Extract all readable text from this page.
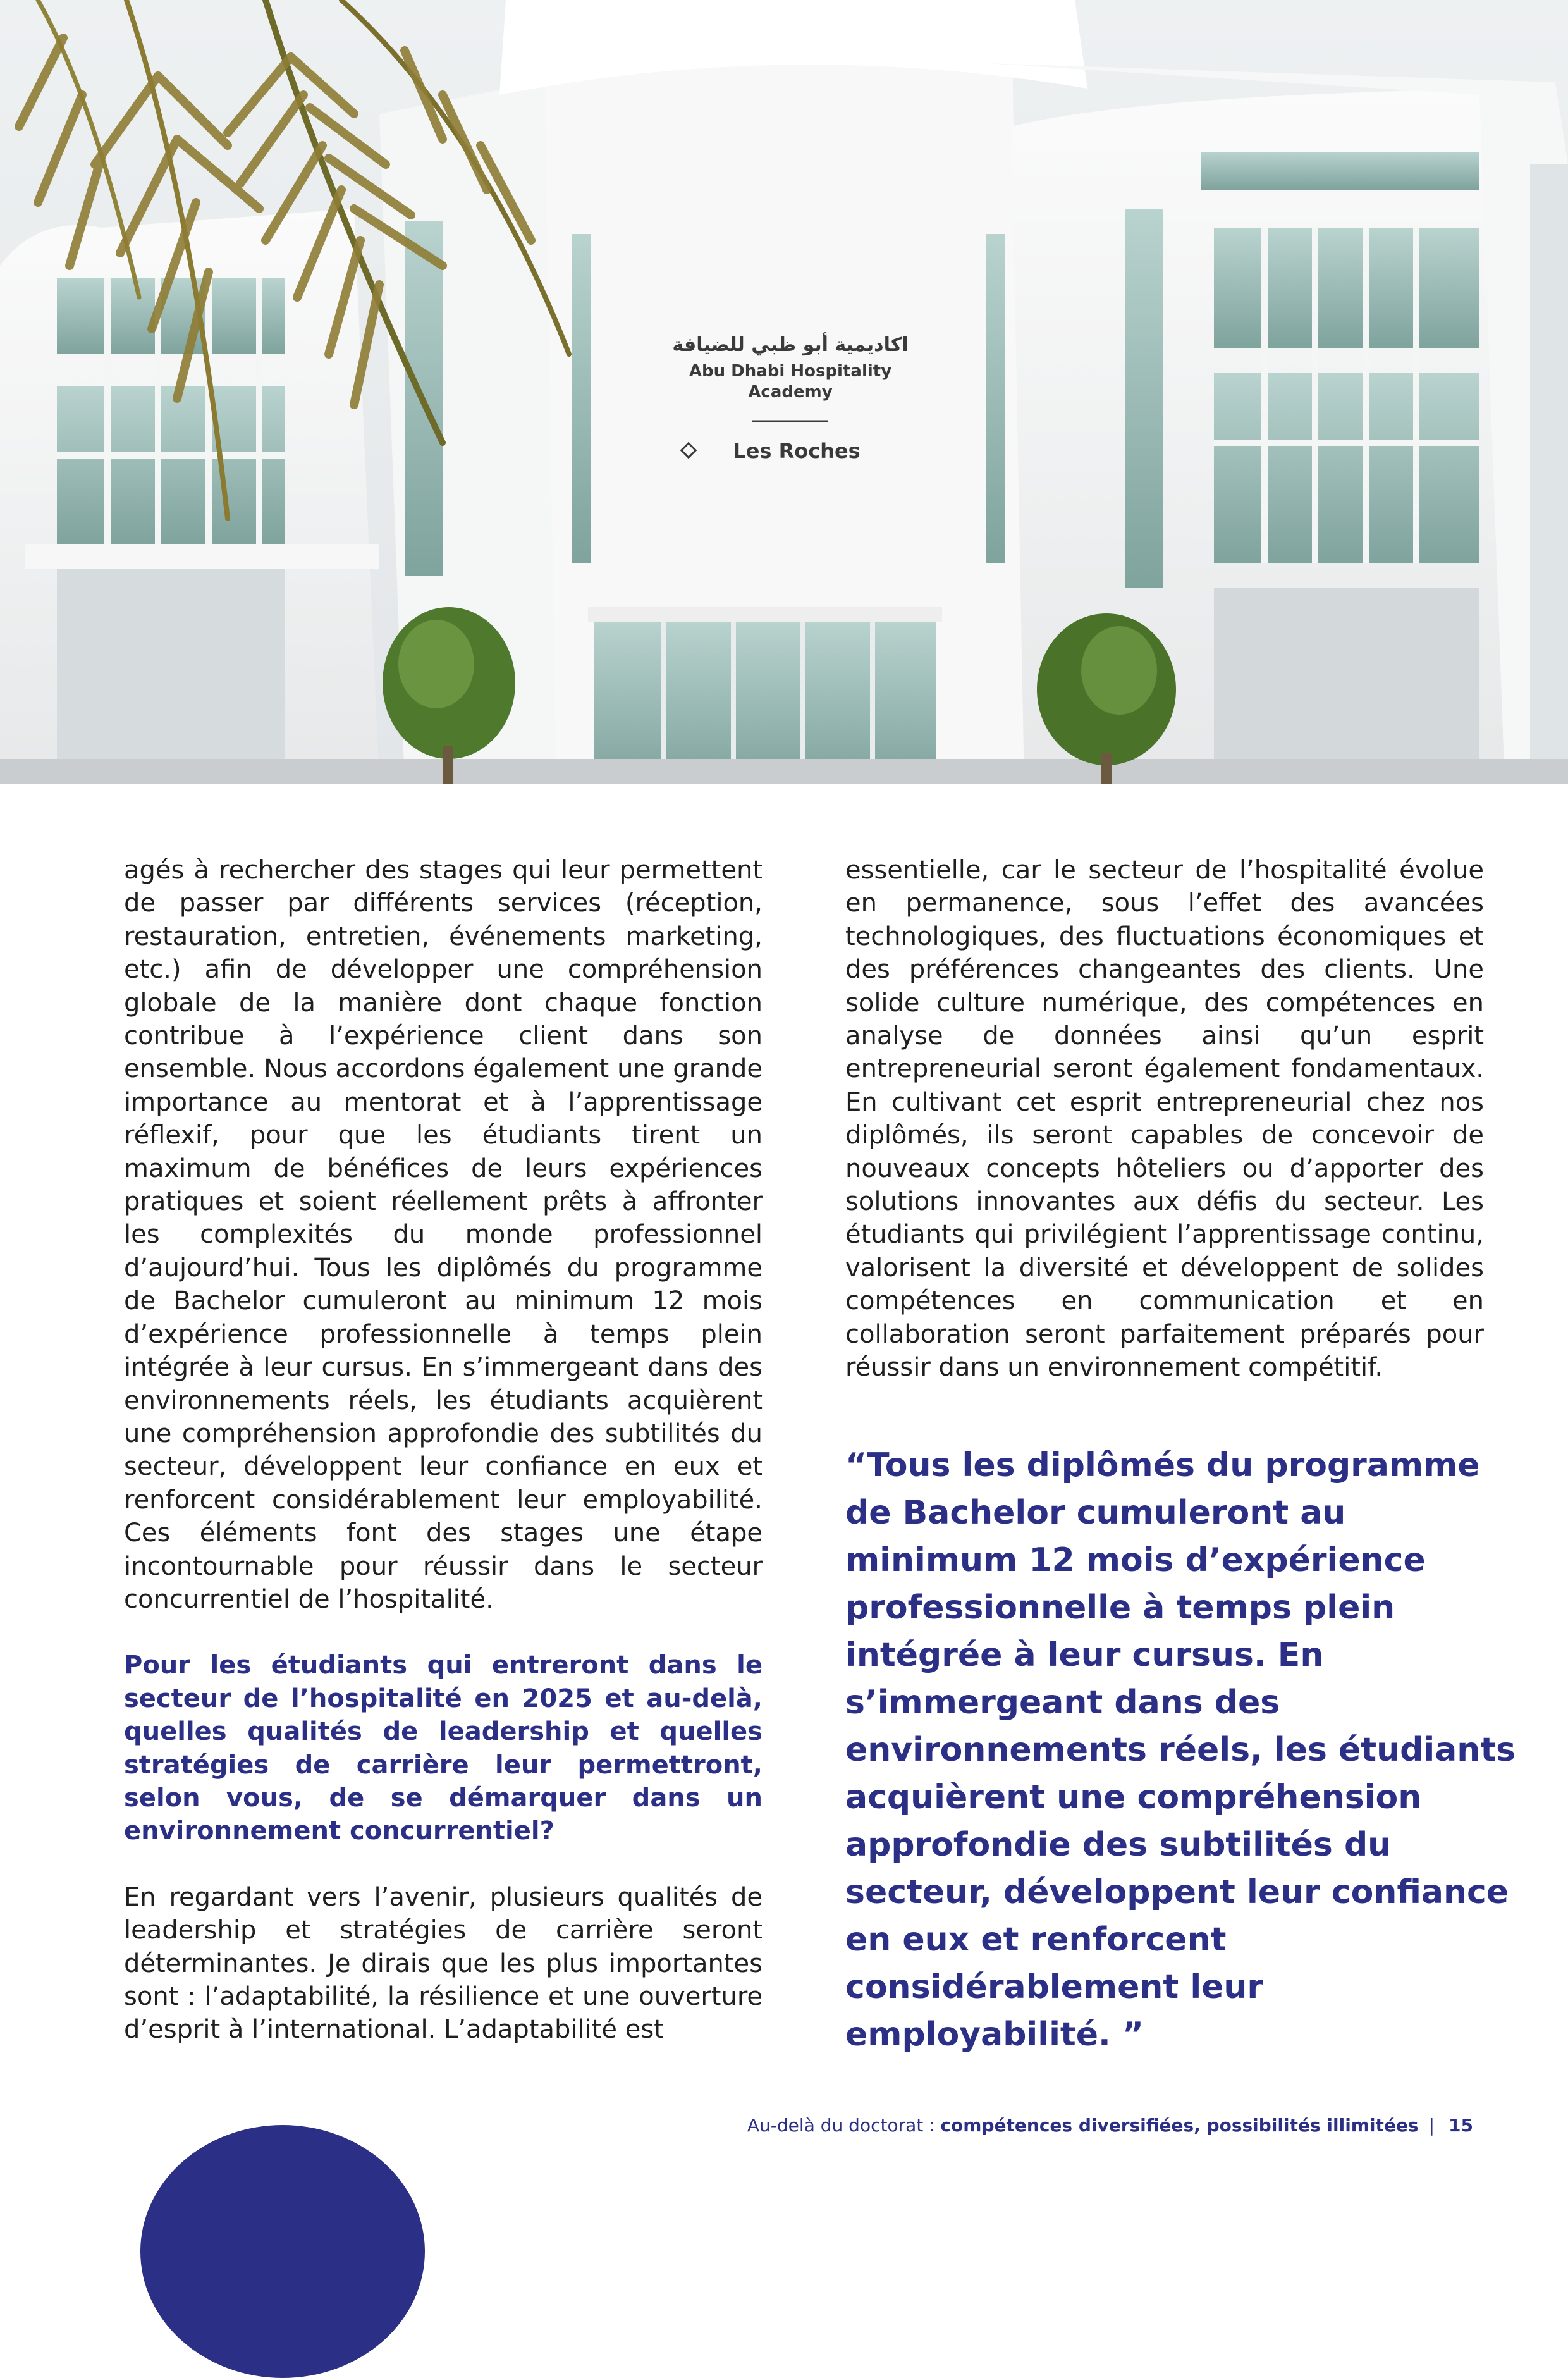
اكاديمية أبو ظبي للضيافة
Abu Dhabi Hospitality
Academy
Les Roches

agés à rechercher des stages qui leur permettent de passer par différents services (réception, restauration, entretien, événements marketing, etc.) afin de développer une compréhension globale de la manière dont chaque fonction contribue à l’expérience client dans son ensemble. Nous accordons également une grande importance au mentorat et à l’apprentissage réflexif, pour que les étudiants tirent un maximum de bénéfices de leurs expériences pratiques et soient réellement prêts à affronter les complexités du monde professionnel d’aujourd’hui. Tous les diplômés du programme de Bachelor cumuleront au minimum 12 mois d’expérience professionnelle à temps plein intégrée à leur cursus. En s’immergeant dans des environnements réels, les étudiants acquièrent une compréhension approfondie des subtilités du secteur, développent leur confiance en eux et renforcent considérablement leur employabilité. Ces éléments font des stages une étape incontournable pour réussir dans le secteur concurrentiel de l’hospitalité.

Pour les étudiants qui entreront dans le secteur de l’hospitalité en 2025 et au-delà, quelles qualités de leadership et quelles stratégies de carrière leur permettront, selon vous, de se démarquer dans un environnement concurrentiel?

En regardant vers l’avenir, plusieurs qualités de leadership et stratégies de carrière seront déterminantes. Je dirais que les plus importantes sont : l’adaptabilité, la résilience et une ouverture d’esprit à l’international. L’adaptabilité est

essentielle, car le secteur de l’hospitalité évolue en permanence, sous l’effet des avancées technologiques, des fluctuations économiques et des préférences changeantes des clients. Une solide culture numérique, des compétences en analyse de données ainsi qu’un esprit entrepreneurial seront également fondamentaux. En cultivant cet esprit entrepreneurial chez nos diplômés, ils seront capables de concevoir de nouveaux concepts hôteliers ou d’apporter des solutions innovantes aux défis du secteur. Les étudiants qui privilégient l’apprentissage continu, valorisent la diversité et développent de solides compétences en communication et en collaboration seront parfaitement préparés pour réussir dans un environnement compétitif.

“Tous les diplômés du programme
de Bachelor cumuleront au
minimum 12 mois d’expérience
professionnelle à temps plein
intégrée à leur cursus. En
s’immergeant dans des
environnements réels, les étudiants
acquièrent une compréhension
approfondie des subtilités du
secteur, développent leur confiance
en eux et renforcent
considérablement leur
employabilité. ”
Au-delà du doctorat : compétences diversifiées, possibilités illimitées | 15
